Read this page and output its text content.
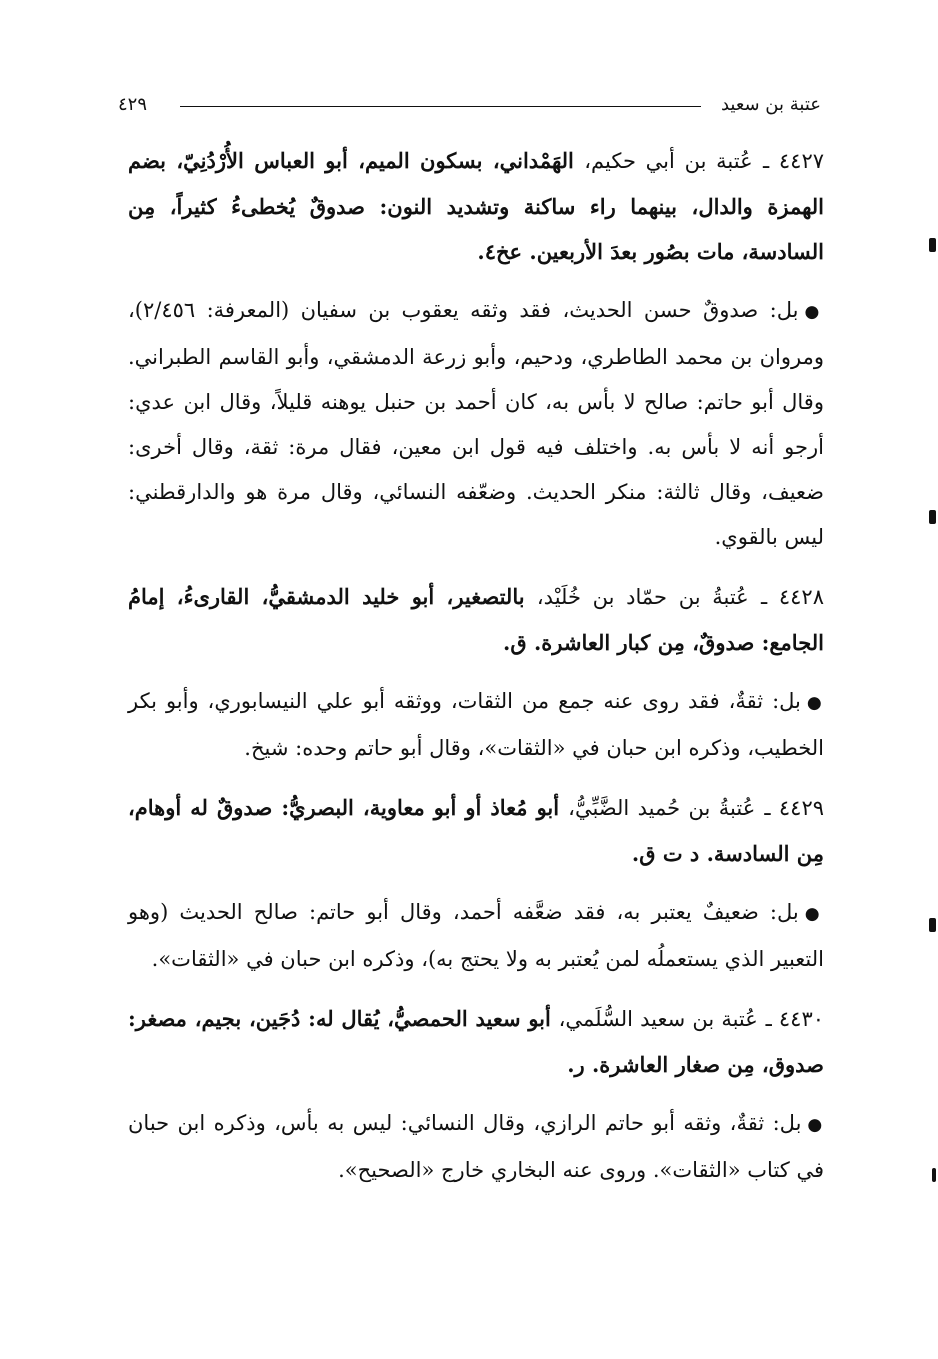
عتبة بن سعيد
٤٢٩

٤٤٢٧ ـ عُتبة بن أبي حكيم، الهَمْداني، بسكون الميم، أبو العباس الأُرْدُنِيّ، بضم الهمزة والدال، بينهما راء ساكنة وتشديد النون: صدوقٌ يُخطىءُ كثيراً، مِن السادسة، مات بصُور بعدَ الأربعين. عخ٤.

●بل: صدوقٌ حسن الحديث، فقد وثقه يعقوب بن سفيان (المعرفة: ٢/٤٥٦)، ومروان بن محمد الطاطري، ودحيم، وأبو زرعة الدمشقي، وأبو القاسم الطبراني. وقال أبو حاتم: صالح لا بأس به، كان أحمد بن حنبل يوهنه قليلاً، وقال ابن عدي: أرجو أنه لا بأس به. واختلف فيه قول ابن معين، فقال مرة: ثقة، وقال أخرى: ضعيف، وقال ثالثة: منكر الحديث. وضعّفه النسائي، وقال مرة هو والدارقطني: ليس بالقوي.

٤٤٢٨ ـ عُتبةُ بن حمّاد بن خُلَيْد، بالتصغير، أبو خليد الدمشقيُّ، القارىءُ، إمامُ الجامع: صدوقٌ، مِن كبار العاشرة. ق.

●بل: ثقةٌ، فقد روى عنه جمع من الثقات، ووثقه أبو علي النيسابوري، وأبو بكر الخطيب، وذكره ابن حبان في «الثقات»، وقال أبو حاتم وحده: شيخ.

٤٤٢٩ ـ عُتبةُ بن حُميد الضَّبِّيُّ، أبو مُعاذ أو أبو معاوية، البصريُّ: صدوقٌ له أوهام، مِن السادسة. د ت ق.

●بل: ضعيفٌ يعتبر به، فقد ضعَّفه أحمد، وقال أبو حاتم: صالح الحديث (وهو التعبير الذي يستعملُه لمن يُعتبر به ولا يحتج به)، وذكره ابن حبان في «الثقات».

٤٤٣٠ ـ عُتبة بن سعيد السُّلَمي، أبو سعيد الحمصيُّ، يُقال له: دُجَين، بجيم، مصغر: صدوق، مِن صغار العاشرة. ر.

●بل: ثقةٌ، وثقه أبو حاتم الرازي، وقال النسائي: ليس به بأس، وذكره ابن حبان في كتاب «الثقات». وروى عنه البخاري خارج «الصحيح».
